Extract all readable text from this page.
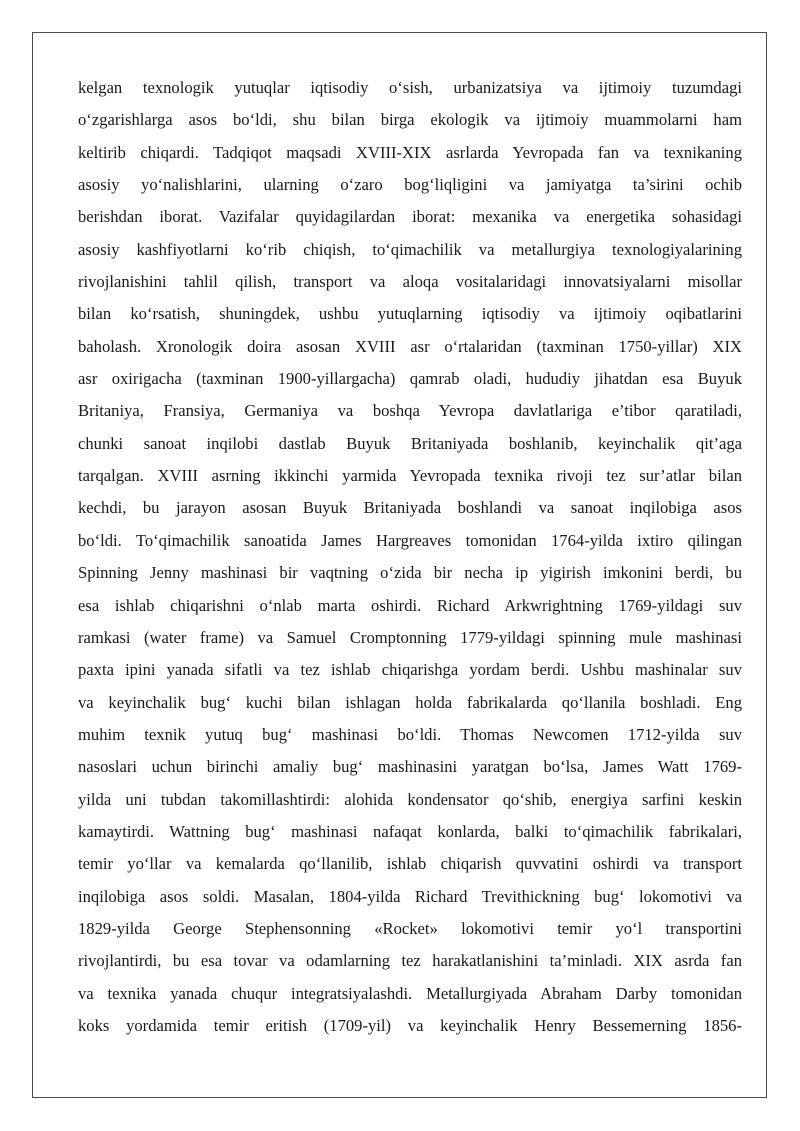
kelgan texnologik yutuqlar iqtisodiy o‘sish, urbanizatsiya va ijtimoiy tuzumdagi
o‘zgarishlarga asos bo‘ldi, shu bilan birga ekologik va ijtimoiy muammolarni ham
keltirib chiqardi. Tadqiqot maqsadi XVIII-XIX asrlarda Yevropada fan va texnikaning
asosiy yo‘nalishlarini, ularning o‘zaro bog‘liqligini va jamiyatga ta’sirini ochib
berishdan iborat. Vazifalar quyidagilardan iborat: mexanika va energetika sohasidagi
asosiy kashfiyotlarni ko‘rib chiqish, to‘qimachilik va metallurgiya texnologiyalarining
rivojlanishini tahlil qilish, transport va aloqa vositalaridagi innovatsiyalarni misollar
bilan ko‘rsatish, shuningdek, ushbu yutuqlarning iqtisodiy va ijtimoiy oqibatlarini
baholash. Xronologik doira asosan XVIII asr o‘rtalaridan (taxminan 1750-yillar) XIX
asr oxirigacha (taxminan 1900-yillargacha) qamrab oladi, hududiy jihatdan esa Buyuk
Britaniya, Fransiya, Germaniya va boshqa Yevropa davlatlariga e’tibor qaratiladi,
chunki sanoat inqilobi dastlab Buyuk Britaniyada boshlanib, keyinchalik qit’aga
tarqalgan. XVIII asrning ikkinchi yarmida Yevropada texnika rivoji tez sur’atlar bilan
kechdi, bu jarayon asosan Buyuk Britaniyada boshlandi va sanoat inqilobiga asos
bo‘ldi. To‘qimachilik sanoatida James Hargreaves tomonidan 1764-yilda ixtiro qilingan
Spinning Jenny mashinasi bir vaqtning o‘zida bir necha ip yigirish imkonini berdi, bu
esa ishlab chiqarishni o‘nlab marta oshirdi. Richard Arkwrightning 1769-yildagi suv
ramkasi (water frame) va Samuel Cromptonning 1779-yildagi spinning mule mashinasi
paxta ipini yanada sifatli va tez ishlab chiqarishga yordam berdi. Ushbu mashinalar suv
va keyinchalik bug‘ kuchi bilan ishlagan holda fabrikalarda qo‘llanila boshladi. Eng
muhim texnik yutuq bug‘ mashinasi bo‘ldi. Thomas Newcomen 1712-yilda suv
nasoslari uchun birinchi amaliy bug‘ mashinasini yaratgan bo‘lsa, James Watt 1769-
yilda uni tubdan takomillashtirdi: alohida kondensator qo‘shib, energiya sarfini keskin
kamaytirdi. Wattning bug‘ mashinasi nafaqat konlarda, balki to‘qimachilik fabrikalari,
temir yo‘llar va kemalarda qo‘llanilib, ishlab chiqarish quvvatini oshirdi va transport
inqilobiga asos soldi. Masalan, 1804-yilda Richard Trevithickning bug‘ lokomotivi va
1829-yilda George Stephensonning «Rocket» lokomotivi temir yo‘l transportini
rivojlantirdi, bu esa tovar va odamlarning tez harakatlanishini ta’minladi. XIX asrda fan
va texnika yanada chuqur integratsiyalashdi. Metallurgiyada Abraham Darby tomonidan
koks yordamida temir eritish (1709-yil) va keyinchalik Henry Bessemerning 1856-
